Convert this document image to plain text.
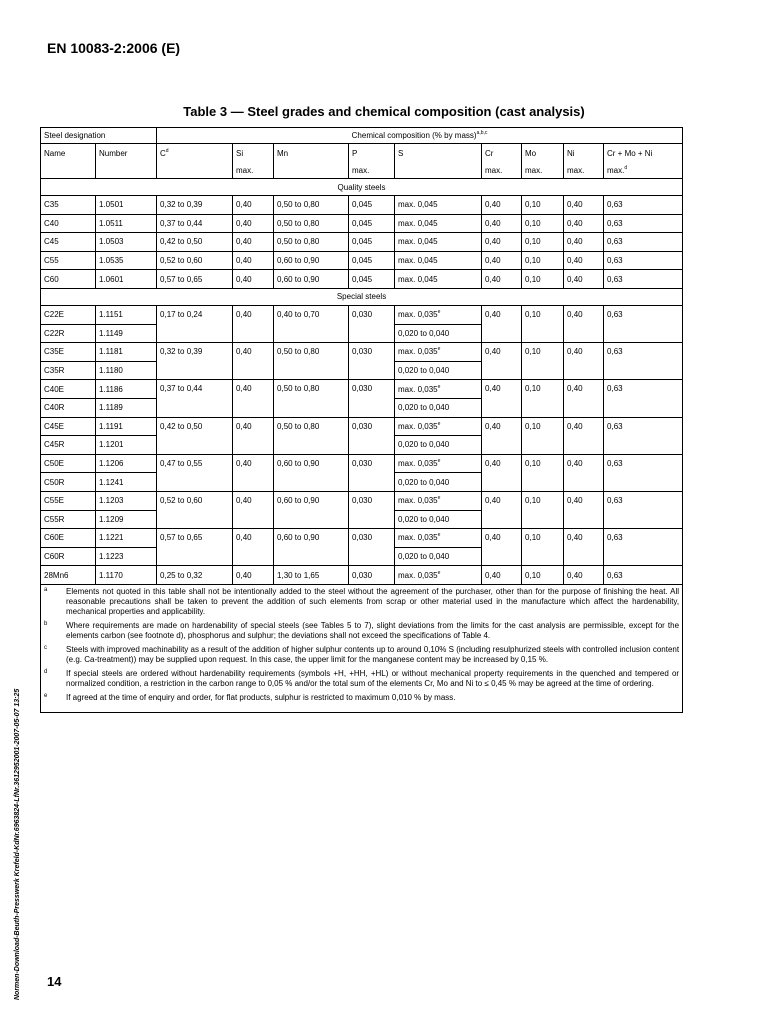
EN 10083-2:2006 (E)
Table 3 — Steel grades and chemical composition (cast analysis)
Normen-Download-Beuth-Presswerk Krefeld-KdNr.6963824-LfNr.3612952001-2007-05-07 13:25 14
Steel designation		Chemical composition (% by mass)$^{a,b,c}$
Name	Number	$C^d$	Si	Mn	P	S	Cr	Mo	Ni	Cr + Mo + Ni
			max.		max.		max.	max.	max.	max.$^d$
Quality steels										
C35	1.0501	0,32 to 0,39	0,40	0,50 to 0,80	0,045	max. 0,045	0,40	0,10	0,40	0,63
C40	1.0511	0,37 to 0,44	0,40	0,50 to 0,80	0,045	max. 0,045	0,40	0,10	0,40	0,63
C45	1.0503	0,42 to 0,50	0,40	0,50 to 0,80	0,045	max. 0,045	0,40	0,10	0,40	0,63
C55	1.0535	0,52 to 0,60	0,40	0,60 to 0,90	0,045	max. 0,045	0,40	0,10	0,40	0,63
C60	1.0601	0,57 to 0,65	0,40	0,60 to 0,90	0,045	max. 0,045	0,40	0,10	0,40	0,63
Special steels										
C22E	1.1151	0,17 to 0,24	0,40	0,40 to 0,70	0,030	max. 0,035e	0,40	0,10	0,40	0,63
C22R	1.1149					0,020 to 0,040				
C35E	1.1181	0,32 to 0,39	0,40	0,50 to 0,80	0,030	max. 0,035e	0,40	0,10	0,40	0,63
C35R	1.1180					0,020 to 0,040				
C40E	1.1186	0,37 to 0,44	0,40	0,50 to 0,80	0,030	max. 0,035e	0,40	0,10	0,40	0,63
C40R	1.1189					0,020 to 0,040				
C45E	1.1191	0,42 to 0,50	0,40	0,50 to 0,80	0,030	max. 0,035e	0,40	0,10	0,40	0,63
C45R	1.1201					0,020 to 0,040				
C50E	1.1206	0,47 to 0,55	0,40	0,60 to 0,90	0,030	max. 0,035e	0,40	0,10	0,40	0,63
C50R	1.1241					0,020 to 0,040				
C55E	1.1203	0,52 to 0,60	0,40	0,60 to 0,90	0,030	max. 0,035e	0,40	0,10	0,40	0,63
C55R	1.1209					0,020 to 0,040				
C60E	1.1221	0,57 to 0,65	0,40	0,60 to 0,90	0,030	max. 0,035e	0,40	0,10	0,40	0,63
C60R	1.1223					0,020 to 0,040				
28Mn6	1.1170	0,25 to 0,32	0,40	1,30 to 1,65	0,030	max. 0,035e	0,40	0,10	0,40	0,63

a Elements not quoted in this table shall not be intentionally added to the steel without the agreement of the purchaser, other than for the purpose of finishing the heat. All reasonable precautions shall be taken to prevent the addition of such elements from scrap or other material used in the manufacture which affect the hardenability, mechanical properties and applicability.										

b Where requirements are made on hardenability of special steels (see Tables 5 to 7), slight deviations from the limits for the cast analysis are permissible, except for the elements carbon (see footnote d), phosphorus and sulphur; the deviations shall not exceed the specifications of Table 4.										

c Steels with improved machinability as a result of the addition of higher sulphur contents up to around 0,10% S (including resulphurized steels with controlled inclusion content (e.g. Ca-treatment)) may be supplied upon request. In this case, the upper limit for the manganese content may be increased by 0,15 %.										

d If special steels are ordered without hardenability requirements (symbols +H, +HH, +HL) or without mechanical property requirements in the quenched and tempered or normalized condition, a restriction in the carbon range to 0,05 % and/or the total sum of the elements Cr, Mo and Ni to ≤ 0,45 % may be agreed at the time of ordering.										

e If agreed at the time of enquiry and order, for flat products, sulphur is restricted to maximum 0,010 % by mass.										
